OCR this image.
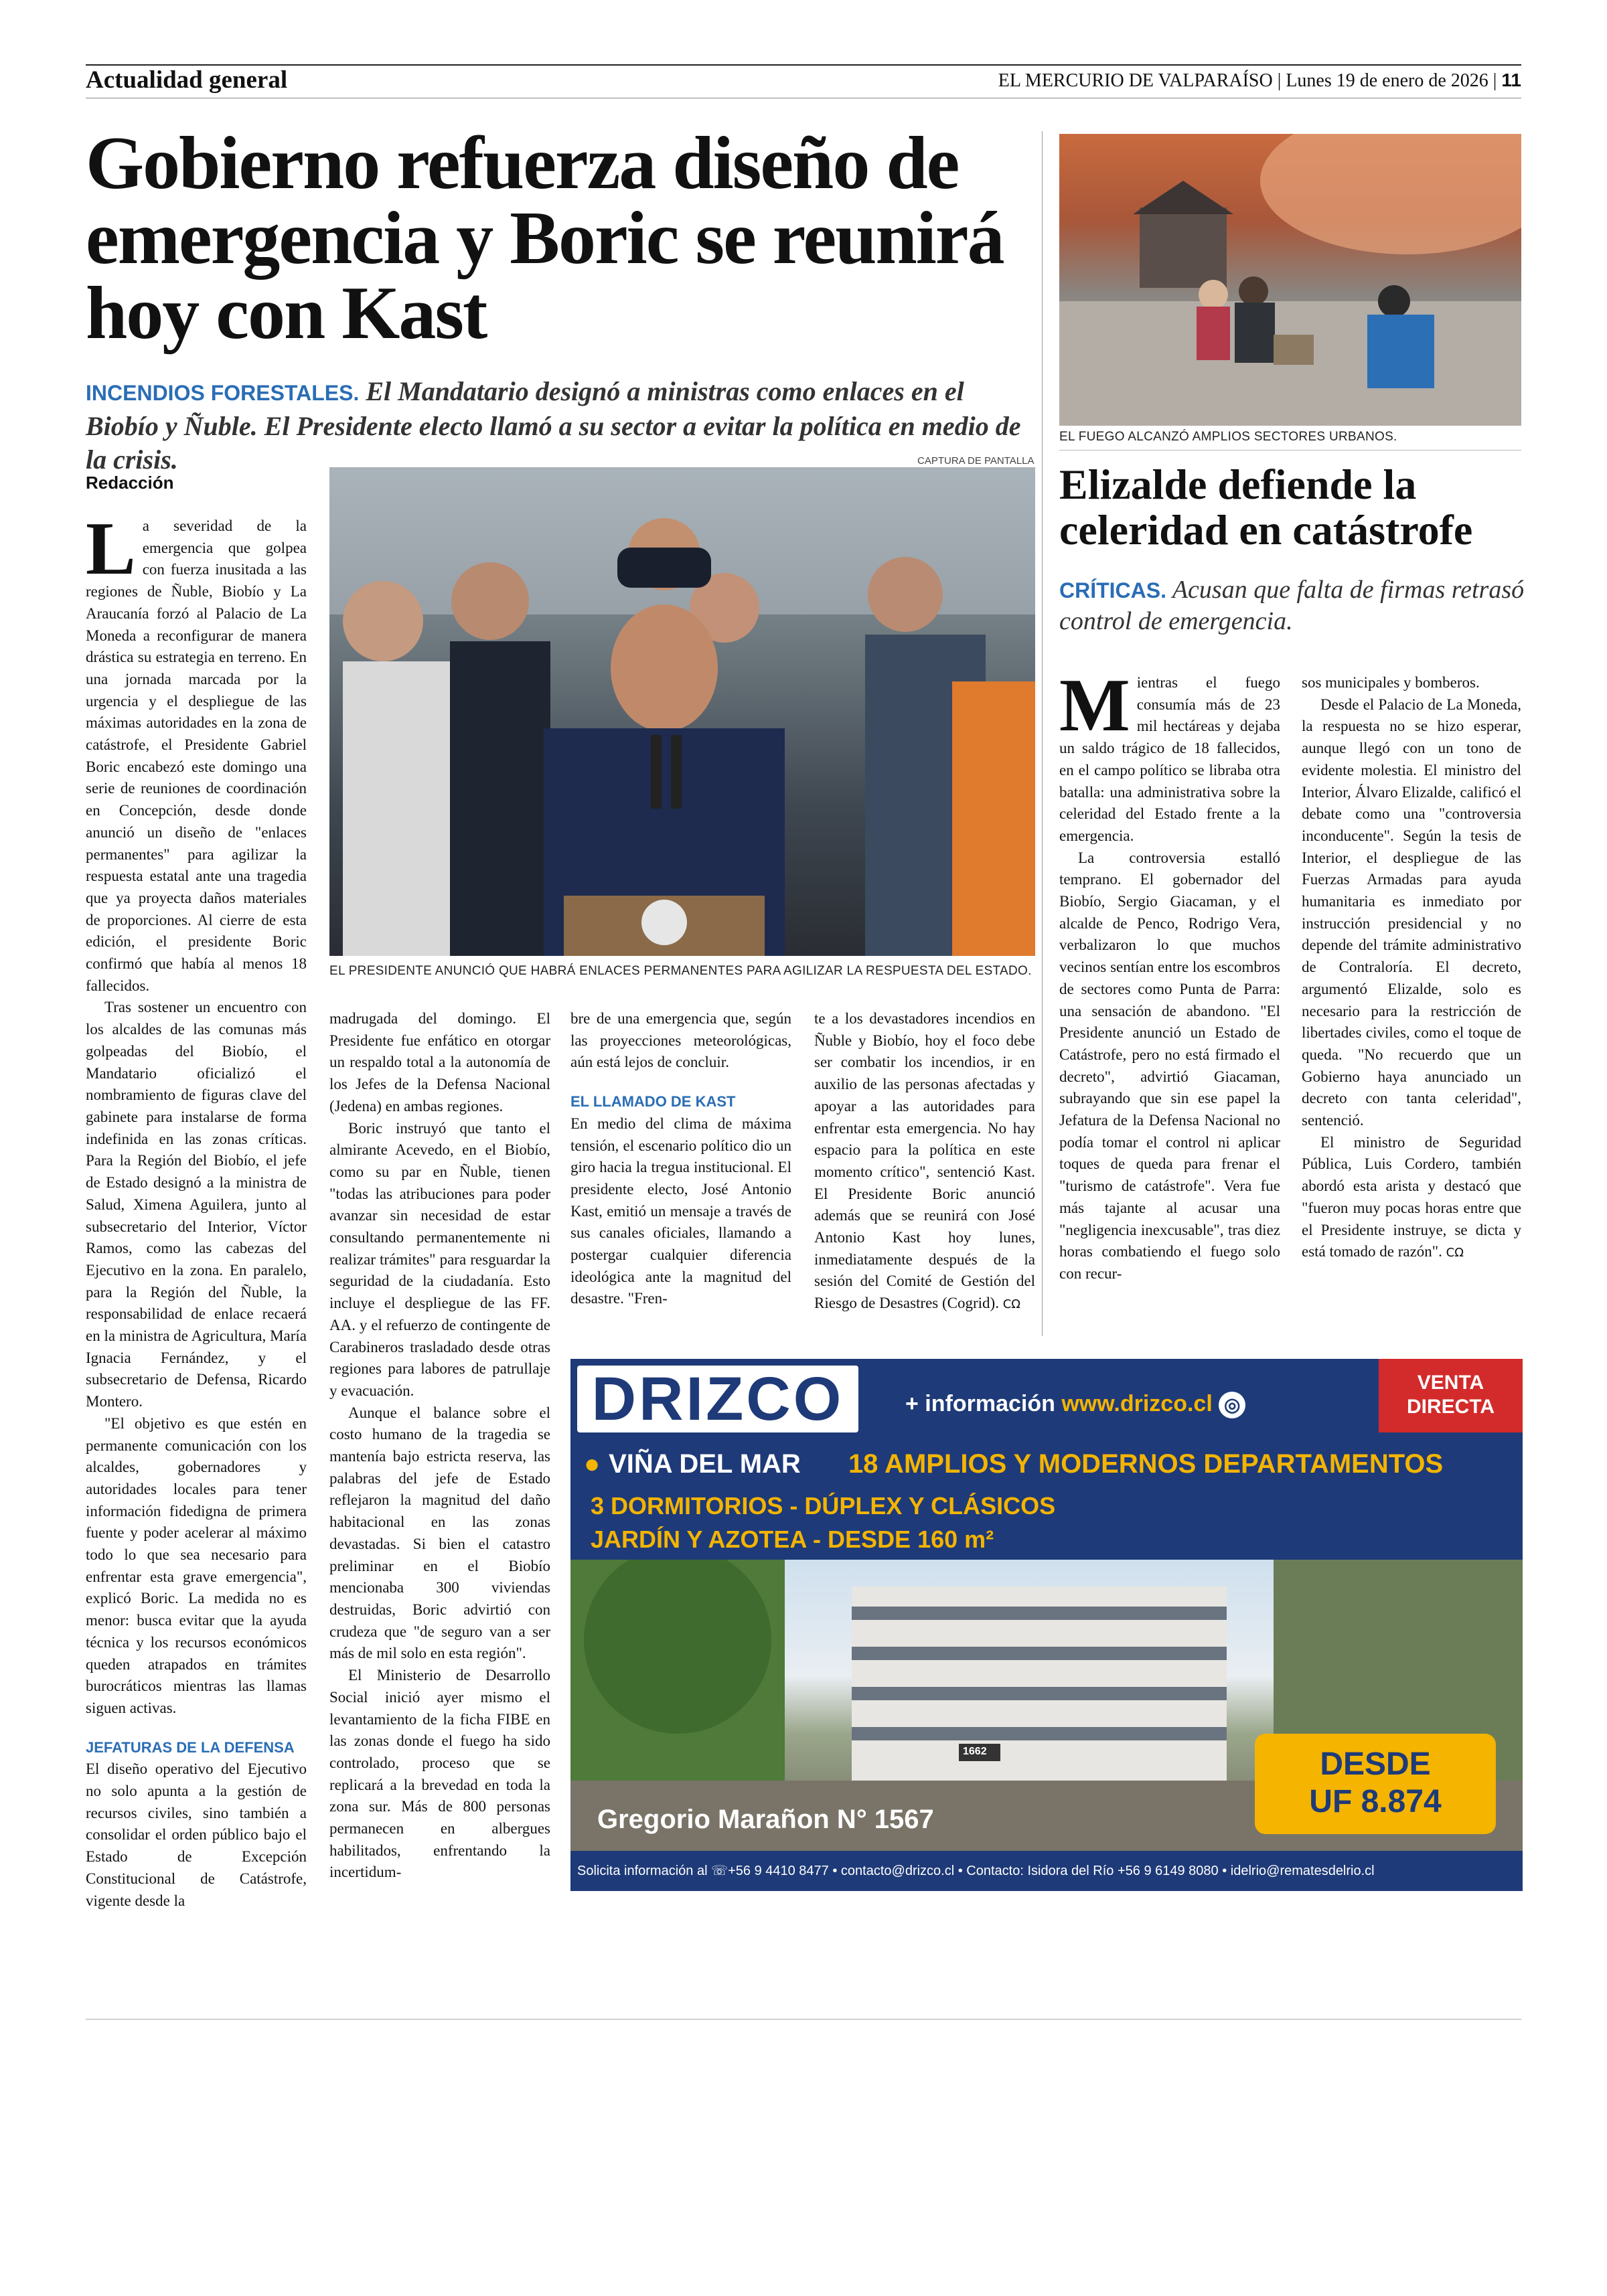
Actualidad general	EL MERCURIO DE VALPARAÍSO | Lunes 19 de enero de 2026 | 11
Gobierno refuerza diseño de emergencia y Boric se reunirá hoy con Kast
INCENDIOS FORESTALES. El Mandatario designó a ministras como enlaces en el Biobío y Ñuble. El Presidente electo llamó a su sector a evitar la política en medio de la crisis.
Redacción
CAPTURA DE PANTALLA
EL PRESIDENTE ANUNCIÓ QUE HABRÁ ENLACES PERMANENTES PARA AGILIZAR LA RESPUESTA DEL ESTADO.

La severidad de la emergencia que golpea con fuerza inusitada a las regiones de Ñuble, Biobío y La Araucanía forzó al Palacio de La Moneda a reconfigurar de manera drástica su estrategia en terreno. En una jornada marcada por la urgencia y el despliegue de las máximas autoridades en la zona de catástrofe, el Presidente Gabriel Boric encabezó este domingo una serie de reuniones de coordinación en Concepción, desde donde anunció un diseño de "enlaces permanentes" para agilizar la respuesta estatal ante una tragedia que ya proyecta daños materiales de proporciones. Al cierre de esta edición, el presidente Boric confirmó que había al menos 18 fallecidos.

Tras sostener un encuentro con los alcaldes de las comunas más golpeadas del Biobío, el Mandatario oficializó el nombramiento de figuras clave del gabinete para instalarse de forma indefinida en las zonas críticas. Para la Región del Biobío, el jefe de Estado designó a la ministra de Salud, Ximena Aguilera, junto al subsecretario del Interior, Víctor Ramos, como las cabezas del Ejecutivo en la zona. En paralelo, para la Región del Ñuble, la responsabilidad de enlace recaerá en la ministra de Agricultura, María Ignacia Fernández, y el subsecretario de Defensa, Ricardo Montero.

"El objetivo es que estén en permanente comunicación con los alcaldes, gobernadores y autoridades locales para tener información fidedigna de primera fuente y poder acelerar al máximo todo lo que sea necesario para enfrentar esta grave emergencia", explicó Boric. La medida no es menor: busca evitar que la ayuda técnica y los recursos económicos queden atrapados en trámites burocráticos mientras las llamas siguen activas.

JEFATURAS DE LA DEFENSA

El diseño operativo del Ejecutivo no solo apunta a la gestión de recursos civiles, sino también a consolidar el orden público bajo el Estado de Excepción Constitucional de Catástrofe, vigente desde la

madrugada del domingo. El Presidente fue enfático en otorgar un respaldo total a la autonomía de los Jefes de la Defensa Nacional (Jedena) en ambas regiones.

Boric instruyó que tanto el almirante Acevedo, en el Biobío, como su par en Ñuble, tienen "todas las atribuciones para poder avanzar sin necesidad de estar consultando permanentemente ni realizar trámites" para resguardar la seguridad de la ciudadanía. Esto incluye el despliegue de las FF. AA. y el refuerzo de contingente de Carabineros trasladado desde otras regiones para labores de patrullaje y evacuación.

Aunque el balance sobre el costo humano de la tragedia se mantenía bajo estricta reserva, las palabras del jefe de Estado reflejaron la magnitud del daño habitacional en las zonas devastadas. Si bien el catastro preliminar en el Biobío mencionaba 300 viviendas destruidas, Boric advirtió con crudeza que "de seguro van a ser más de mil solo en esta región".

El Ministerio de Desarrollo Social inició ayer mismo el levantamiento de la ficha FIBE en las zonas donde el fuego ha sido controlado, proceso que se replicará a la brevedad en toda la zona sur. Más de 800 personas permanecen en albergues habilitados, enfrentando la incertidum-

bre de una emergencia que, según las proyecciones meteorológicas, aún está lejos de concluir.

EL LLAMADO DE KAST

En medio del clima de máxima tensión, el escenario político dio un giro hacia la tregua institucional. El presidente electo, José Antonio Kast, emitió un mensaje a través de sus canales oficiales, llamando a postergar cualquier diferencia ideológica ante la magnitud del desastre. "Fren-

te a los devastadores incendios en Ñuble y Biobío, hoy el foco debe ser combatir los incendios, ir en auxilio de las personas afectadas y apoyar a las autoridades para enfrentar esta emergencia. No hay espacio para la política en este momento crítico", sentenció Kast. El Presidente Boric anunció además que se reunirá con José Antonio Kast hoy lunes, inmediatamente después de la sesión del Comité de Gestión del Riesgo de Desastres (Cogrid). CΩ

EL FUEGO ALCANZÓ AMPLIOS SECTORES URBANOS.
Elizalde defiende la celeridad en catástrofe
CRÍTICAS. Acusan que falta de firmas retrasó control de emergencia.

Mientras el fuego consumía más de 23 mil hectáreas y dejaba un saldo trágico de 18 fallecidos, en el campo político se libraba otra batalla: una administrativa sobre la celeridad del Estado frente a la emergencia.

La controversia estalló temprano. El gobernador del Biobío, Sergio Giacaman, y el alcalde de Penco, Rodrigo Vera, verbalizaron lo que muchos vecinos sentían entre los escombros de sectores como Punta de Parra: una sensación de abandono. "El Presidente anunció un Estado de Catástrofe, pero no está firmado el decreto", advirtió Giacaman, subrayando que sin ese papel la Jefatura de la Defensa Nacional no podía tomar el control ni aplicar toques de queda para frenar el "turismo de catástrofe". Vera fue más tajante al acusar una "negligencia inexcusable", tras diez horas combatiendo el fuego solo con recur-

sos municipales y bomberos.

Desde el Palacio de La Moneda, la respuesta no se hizo esperar, aunque llegó con un tono de evidente molestia. El ministro del Interior, Álvaro Elizalde, calificó el debate como una "controversia inconducente". Según la tesis de Interior, el despliegue de las Fuerzas Armadas para ayuda humanitaria es inmediato por instrucción presidencial y no depende del trámite administrativo de Contraloría. El decreto, argumentó Elizalde, solo es necesario para la restricción de libertades civiles, como el toque de queda. "No recuerdo que un Gobierno haya anunciado un decreto con tanta celeridad", sentenció.

El ministro de Seguridad Pública, Luis Cordero, también abordó esta arista y destacó que "fueron muy pocas horas entre que el Presidente instruye, se dicta y está tomado de razón". CΩ

DRIZCO	+ información www.drizco.cl ◎
VENTA DIRECTA
● VIÑA DEL MAR 18 AMPLIOS Y MODERNOS DEPARTAMENTOS
1662
3 DORMITORIOS - DÚPLEX Y CLÁSICOS
JARDÍN Y AZOTEA - DESDE 160 m²
DESDE
UF 8.874
Gregorio Marañon N° 1567
Solicita información al ☏+56 9 4410 8477 • contacto@drizco.cl • Contacto: Isidora del Río +56 9 6149 8080 • idelrio@rematesdelrio.cl
